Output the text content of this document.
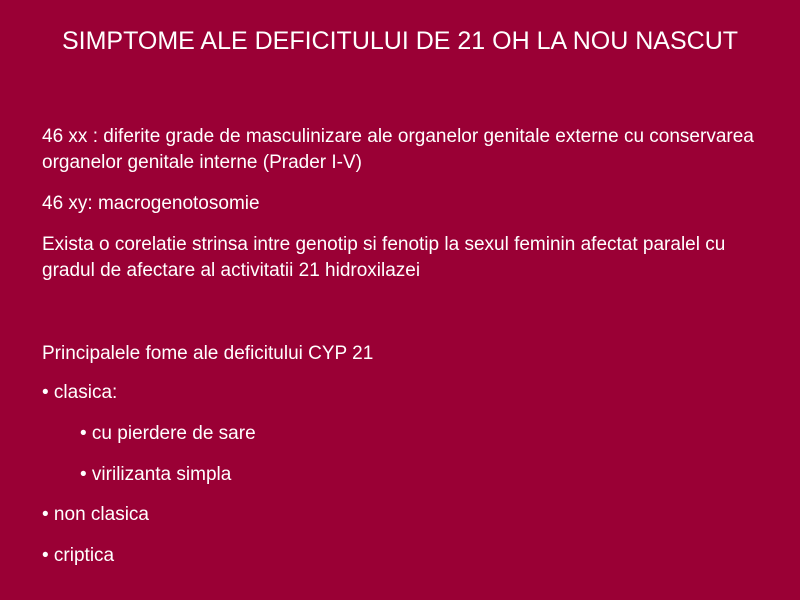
SIMPTOME ALE DEFICITULUI DE 21 OH LA NOU NASCUT

46 xx : diferite grade de masculinizare ale organelor genitale externe cu conservarea organelor genitale interne (Prader I-V)

46 xy: macrogenotosomie

Exista o corelatie strinsa intre genotip si fenotip la sexul feminin afectat paralel cu gradul de afectare al activitatii 21 hidroxilazei

Principalele fome ale deficitului CYP 21

• clasica:

• cu pierdere de sare

• virilizanta simpla

• non clasica

• criptica
